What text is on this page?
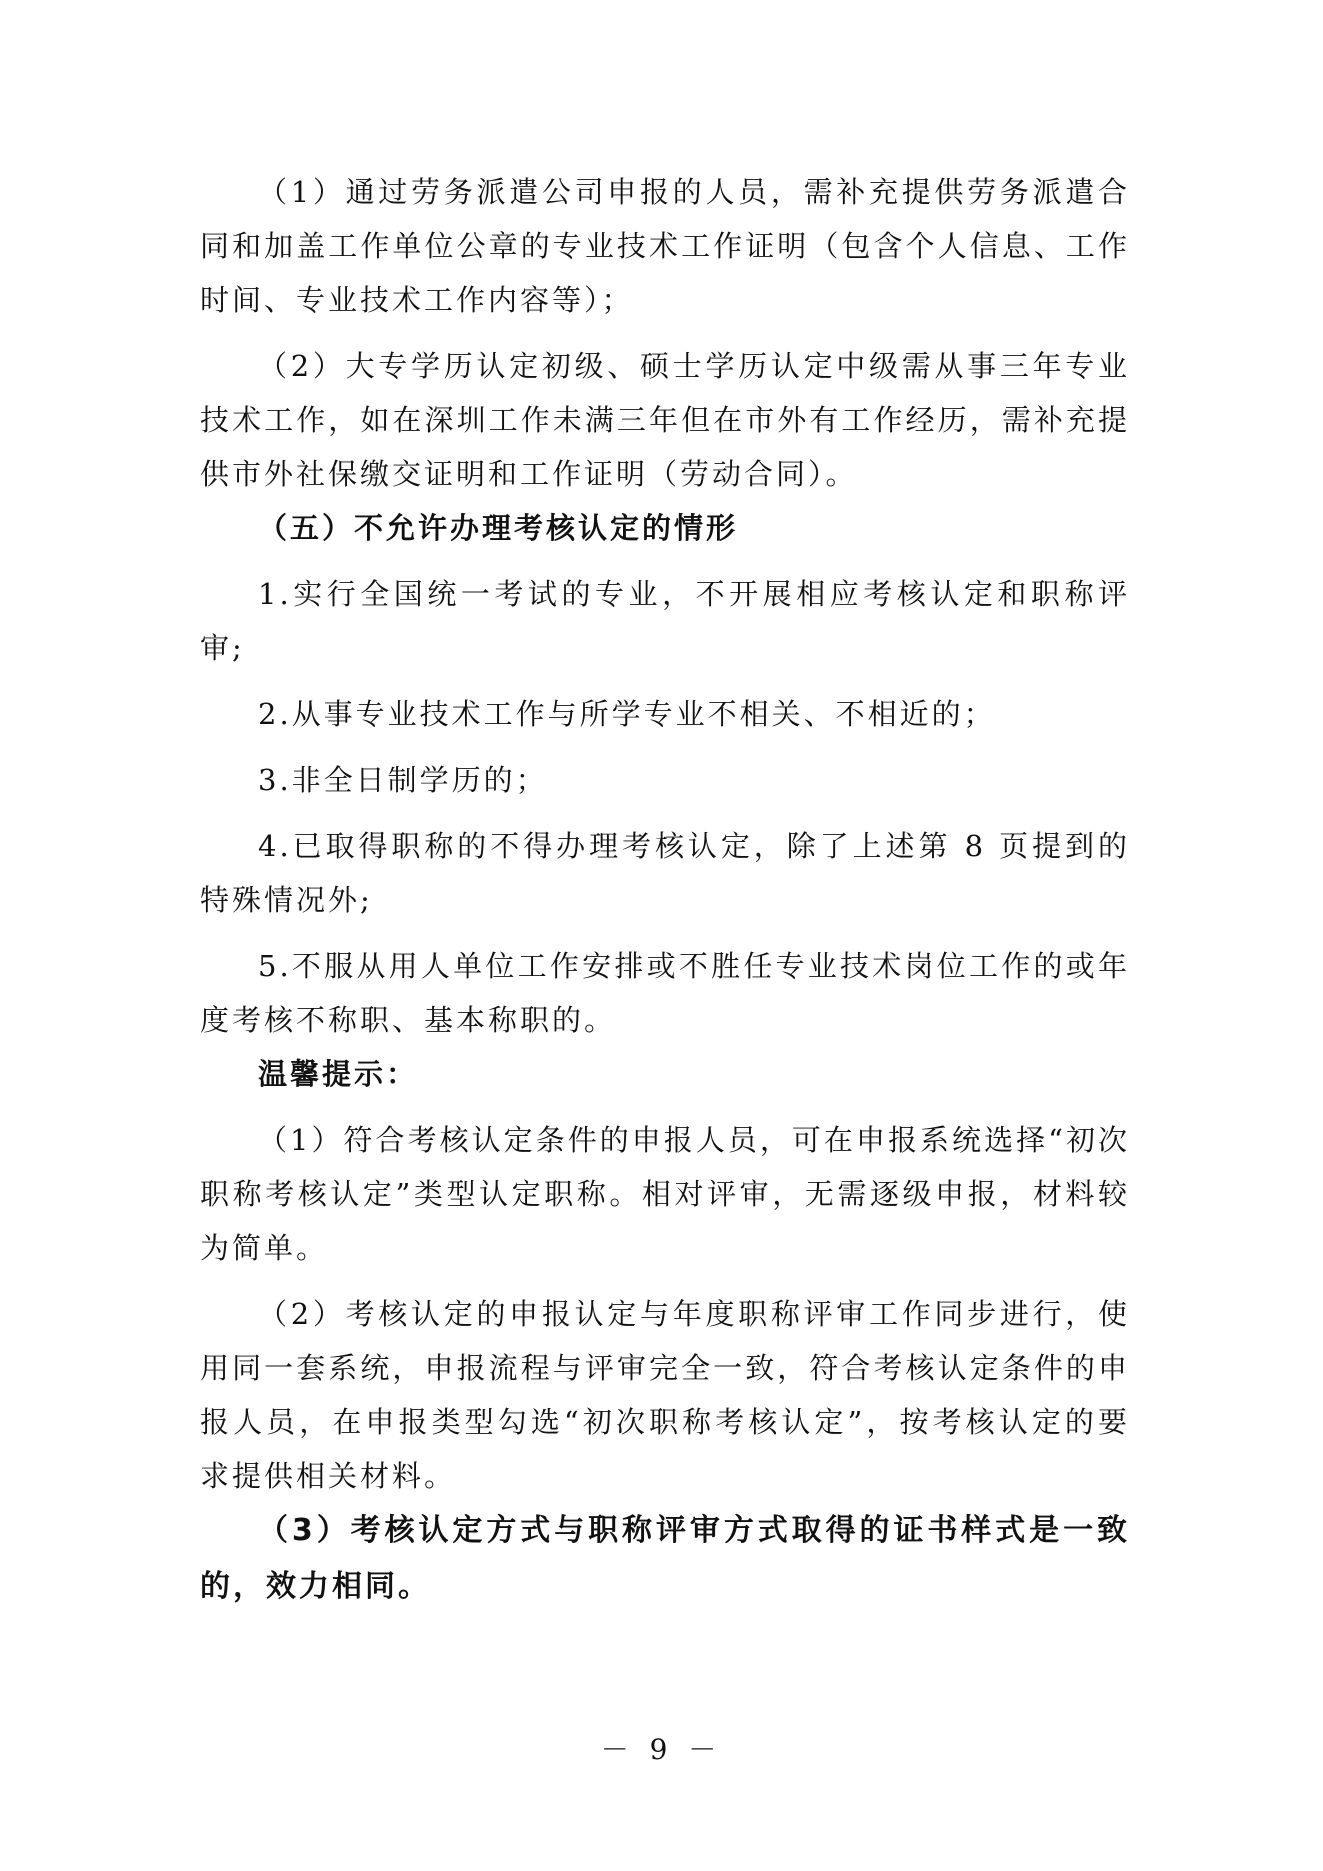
（1）通过劳务派遣公司申报的人员，需补充提供劳务派遣合同和加盖工作单位公章的专业技术工作证明（包含个人信息、工作时间、专业技术工作内容等）；

（2）大专学历认定初级、硕士学历认定中级需从事三年专业技术工作，如在深圳工作未满三年但在市外有工作经历，需补充提供市外社保缴交证明和工作证明（劳动合同）。

（五）不允许办理考核认定的情形

1.实行全国统一考试的专业，不开展相应考核认定和职称评审;

2.从事专业技术工作与所学专业不相关、不相近的；

3.非全日制学历的；

4.已取得职称的不得办理考核认定，除了上述第 8 页提到的特殊情况外;

5.不服从用人单位工作安排或不胜任专业技术岗位工作的或年度考核不称职、基本称职的。

温馨提示：

（1）符合考核认定条件的申报人员，可在申报系统选择“初次职称考核认定”类型认定职称。相对评审，无需逐级申报，材料较为简单。

（2）考核认定的申报认定与年度职称评审工作同步进行，使用同一套系统，申报流程与评审完全一致，符合考核认定条件的申报人员，在申报类型勾选“初次职称考核认定”，按考核认定的要求提供相关材料。

（3）考核认定方式与职称评审方式取得的证书样式是一致的，效力相同。

－ 9 －
